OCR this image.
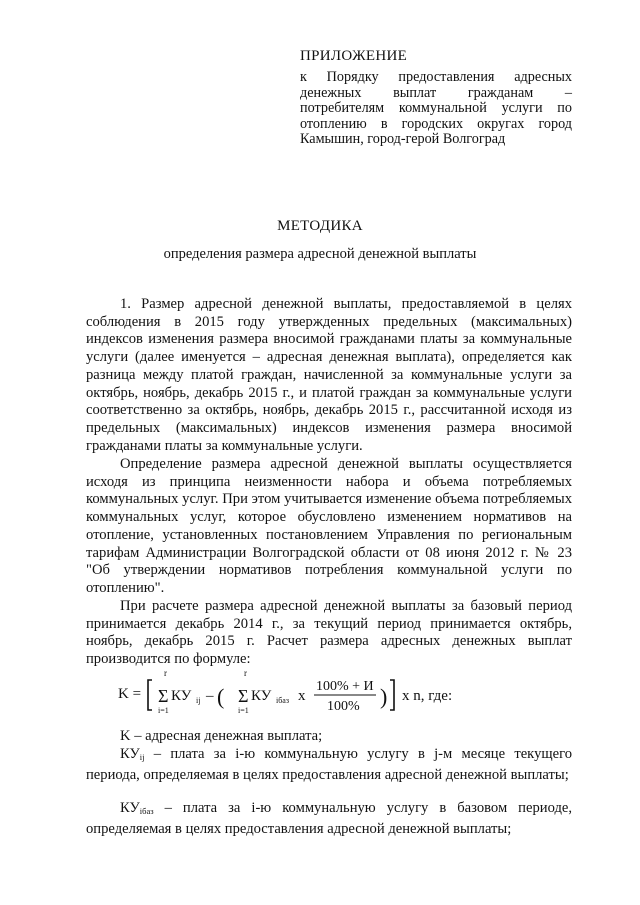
ПРИЛОЖЕНИЕ
к Порядку предоставления адресных денежных выплат гражданам – потребителям коммунальной услуги по отоплению в городских округах город Камышин, город-герой Волгоград
МЕТОДИКА
определения размера адресной денежной выплаты
1. Размер адресной денежной выплаты, предоставляемой в целях соблюдения в 2015 году утвержденных предельных (максимальных) индексов изменения размера вносимой гражданами платы за коммунальные услуги (далее именуется – адресная денежная выплата), определяется как разница между платой граждан, начисленной за коммунальные услуги за октябрь, ноябрь, декабрь 2015 г., и платой граждан за коммунальные услуги соответственно за октябрь, ноябрь, декабрь 2015 г., рассчитанной исходя из предельных (максимальных) индексов изменения размера вносимой гражданами платы за коммунальные услуги.
Определение размера адресной денежной выплаты осуществляется исходя из принципа неизменности набора и объема потребляемых коммунальных услуг. При этом учитывается изменение объема потребляемых коммунальных услуг, которое обусловлено изменением нормативов на отопление, установленных постановлением Управления по региональным тарифам Администрации Волгоградской области от 08 июня 2012 г. № 23 "Об утверждении нормативов потребления коммунальной услуги по отоплению".
При расчете размера адресной денежной выплаты за базовый период принимается декабрь 2014 г., за текущий период принимается октябрь, ноябрь, декабрь 2015 г. Расчет размера адресных денежных выплат производится по формуле:
K =
r
Σ
i=1
КУ ij – (
r
Σ
i=1
КУ iбаз x
100% + И
100% ) x n, где:
K – адресная денежная выплата;
$КУ_{ij}$ – плата за i-ю коммунальную услугу в j-м месяце текущего периода, определяемая в целях предоставления адресной денежной выплаты;
$КУ_{iбаз}$ – плата за i-ю коммунальную услугу в базовом периоде, определяемая в целях предоставления адресной денежной выплаты;
